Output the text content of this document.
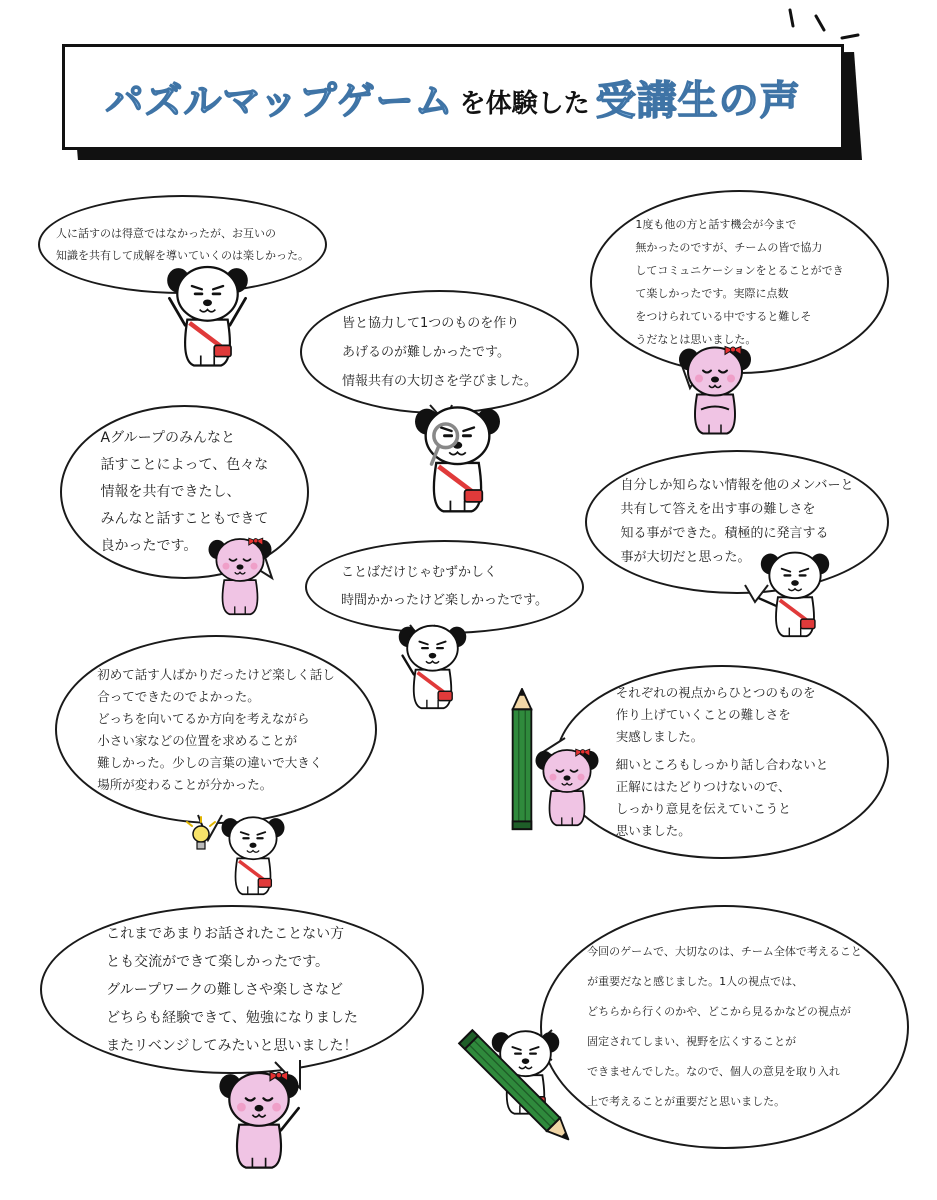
パズルマップゲーム を体験した 受講生の声
人に話すのは得意ではなかったが、お互いの
知識を共有して成解を導いていくのは楽しかった。
1度も他の方と話す機会が今まで
無かったのですが、チームの皆で協力
してコミュニケーションをとることができ
て楽しかったです。実際に点数
をつけられている中ですると難しそ
うだなとは思いました。
皆と協力して1つのものを作り
あげるのが難しかったです。
情報共有の大切さを学びました。
Aグループのみんなと
話すことによって、色々な
情報を共有できたし、
みんなと話すこともできて
良かったです。
自分しか知らない情報を他のメンバーと
共有して答えを出す事の難しさを
知る事ができた。積極的に発言する
事が大切だと思った。
ことばだけじゃむずかしく
時間かかったけど楽しかったです。
初めて話す人ばかりだったけど楽しく話し
合ってできたのでよかった。
どっちを向いてるか方向を考えながら
小さい家などの位置を求めることが
難しかった。少しの言葉の違いで大きく
場所が変わることが分かった。
それぞれの視点からひとつのものを
作り上げていくことの難しさを
実感しました。
細いところもしっかり話し合わないと
正解にはたどりつけないので、
しっかり意見を伝えていこうと
思いました。
これまであまりお話されたことない方
とも交流ができて楽しかったです。
グループワークの難しさや楽しさなど
どちらも経験できて、勉強になりました
またリベンジしてみたいと思いました！
今回のゲームで、大切なのは、チーム全体で考えること
が重要だなと感じました。1人の視点では、
どちらから行くのかや、どこから見るかなどの視点が
固定されてしまい、視野を広くすることが
できませんでした。なので、個人の意見を取り入れ
上で考えることが重要だと思いました。
